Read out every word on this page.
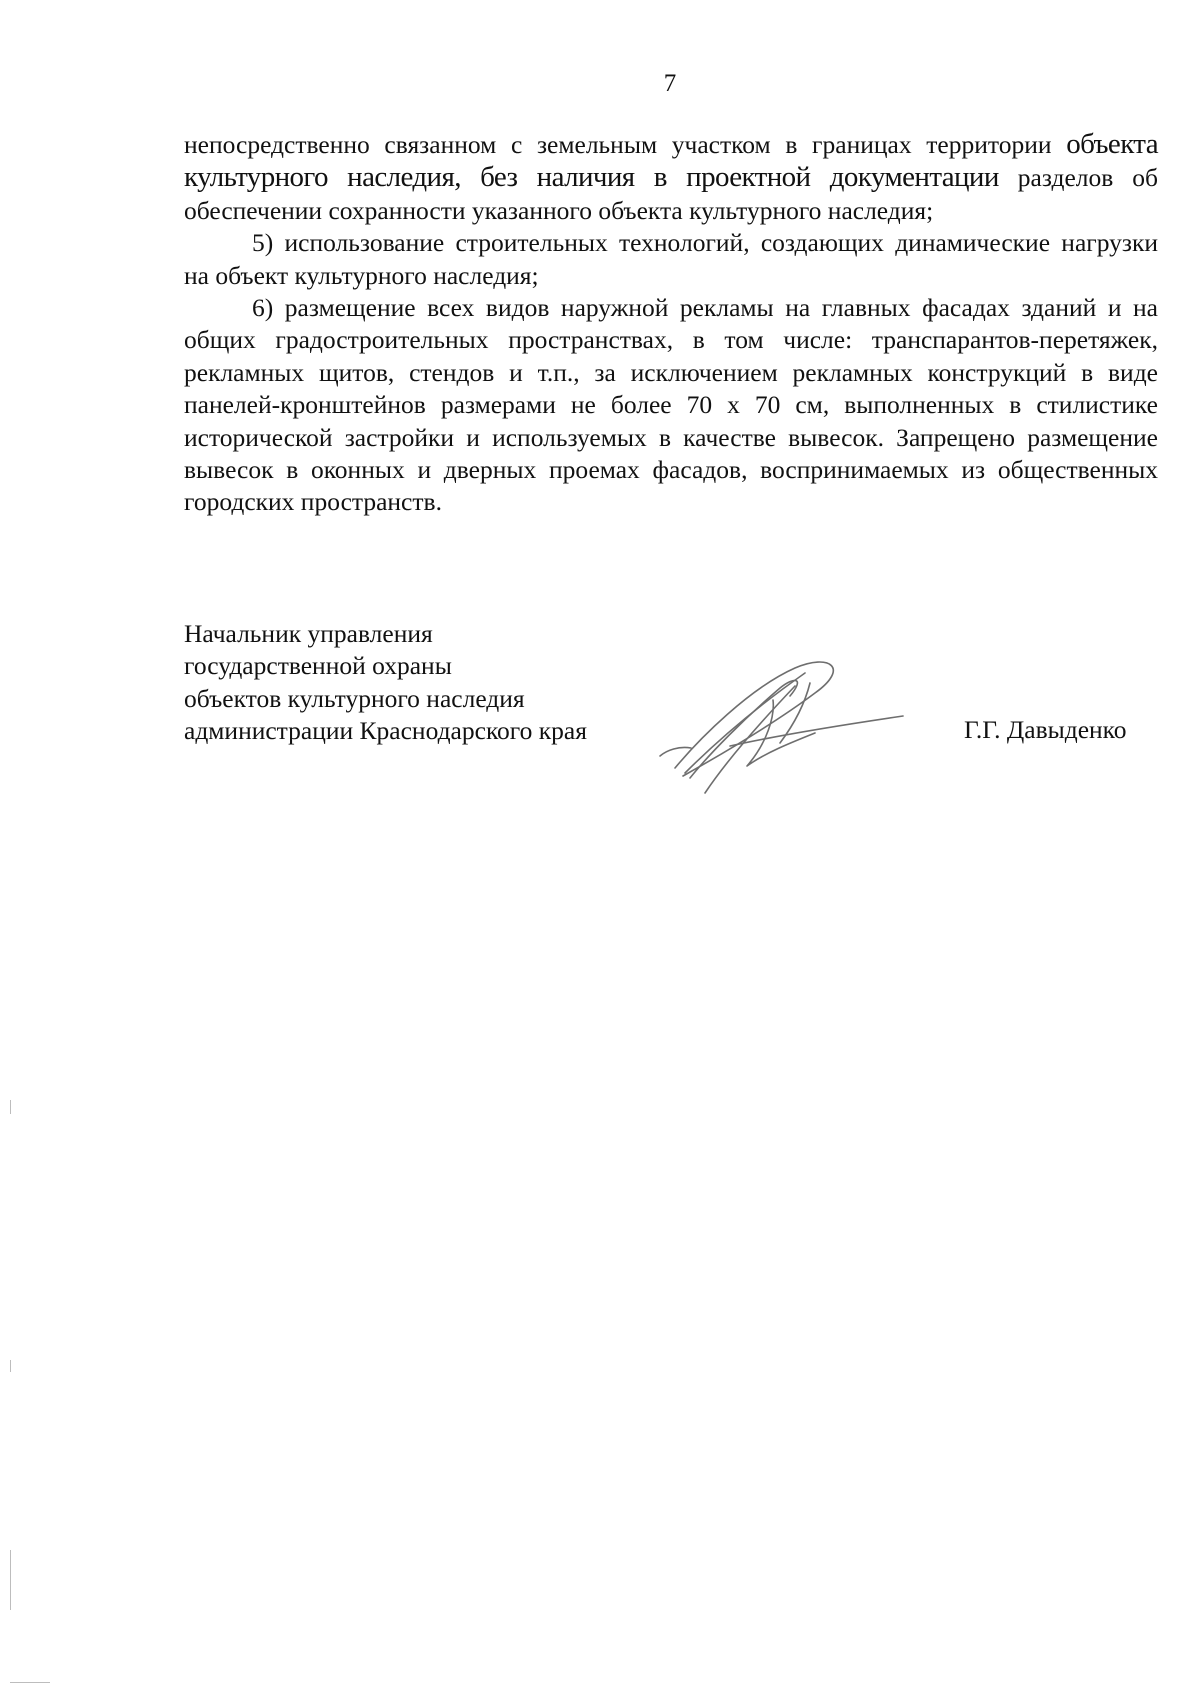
7

непосредственно связанном с земельным участком в границах территории объекта культурного наследия, без наличия в проектной документации разделов об обеспечении сохранности указанного объекта культурного наследия;

5) использование строительных технологий, создающих динамические нагрузки на объект культурного наследия;

6) размещение всех видов наружной рекламы на главных фасадах зданий и на общих градостроительных пространствах, в том числе: транспарантов-перетяжек, рекламных щитов, стендов и т.п., за исключением рекламных конструкций в виде панелей-кронштейнов размерами не более 70 х 70 см, выполненных в стилистике исторической застройки и используемых в качестве вывесок. Запрещено размещение вывесок в оконных и дверных проемах фасадов, воспринимаемых из общественных городских пространств.

Начальник управления
государственной охраны
объектов культурного наследия
администрации Краснодарского края	Г.Г. Давыденко
